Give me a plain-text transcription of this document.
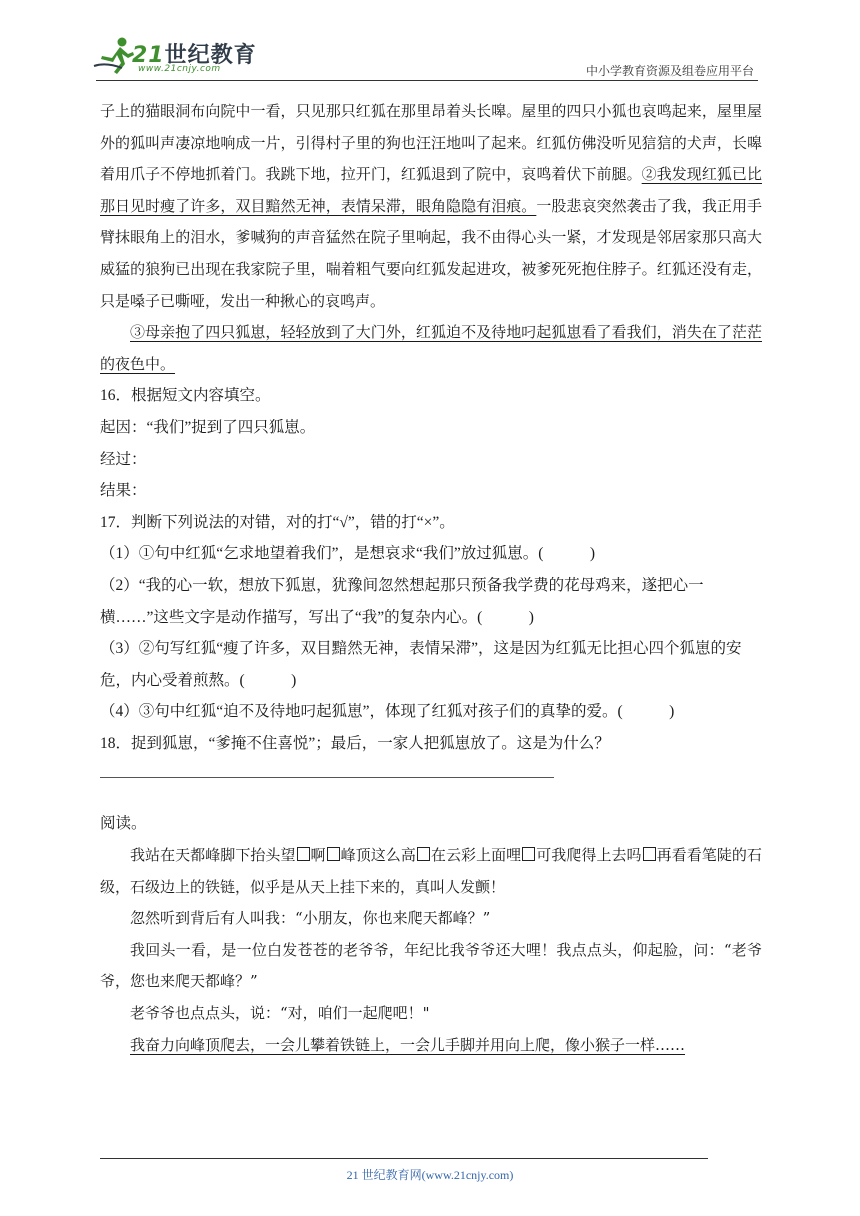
21世纪教育
www.21cnjy.com	中小学教育资源及组卷应用平台

子上的猫眼洞布向院中一看，只见那只红狐在那里昂着头长嗥。屋里的四只小狐也哀鸣起来，屋里屋外的狐叫声凄凉地响成一片，引得村子里的狗也汪汪地叫了起来。红狐仿佛没听见狺狺的犬声，长嗥着用爪子不停地抓着门。我跳下地，拉开门，红狐退到了院中，哀鸣着伏下前腿。②我发现红狐已比那日见时瘦了许多，双目黯然无神，表情呆滞，眼角隐隐有泪痕。一股悲哀突然袭击了我，我正用手臂抹眼角上的泪水，爹喊狗的声音猛然在院子里响起，我不由得心头一紧，才发现是邻居家那只高大威猛的狼狗已出现在我家院子里，喘着粗气要向红狐发起进攻，被爹死死抱住脖子。红狐还没有走，只是嗓子已嘶哑，发出一种揪心的哀鸣声。

③母亲抱了四只狐崽，轻轻放到了大门外，红狐迫不及待地叼起狐崽看了看我们，消失在了茫茫的夜色中。

16．根据短文内容填空。

起因：“我们”捉到了四只狐崽。

经过：

结果：

17．判断下列说法的对错，对的打“√”，错的打“×”。

（1）①句中红狐“乞求地望着我们”，是想哀求“我们”放过狐崽。(　　　)

（2）“我的心一软，想放下狐崽，犹豫间忽然想起那只预备我学费的花母鸡来，遂把心一横……”这些文字是动作描写，写出了“我”的复杂内心。(　　　)

（3）②句写红狐“瘦了许多，双目黯然无神，表情呆滞”，这是因为红狐无比担心四个狐崽的安危，内心受着煎熬。(　　　)

（4）③句中红狐“迫不及待地叼起狐崽”，体现了红狐对孩子们的真挚的爱。(　　　)

18．捉到狐崽，“爹掩不住喜悦”；最后，一家人把狐崽放了。这是为什么？

阅读。

我站在天都峰脚下抬头望 啊 峰顶这么高 在云彩上面哩 可我爬得上去吗 再看看笔陡的石级，石级边上的铁链，似乎是从天上挂下来的，真叫人发颤！

忽然听到背后有人叫我：“小朋友，你也来爬天都峰？”

我回头一看，是一位白发苍苍的老爷爷，年纪比我爷爷还大哩！我点点头，仰起脸，问：“老爷爷，您也来爬天都峰？”

老爷爷也点点头，说：“对，咱们一起爬吧！"

我奋力向峰顶爬去，一会儿攀着铁链上，一会儿手脚并用向上爬，像小猴子一样……

21 世纪教育网(www.21cnjy.com)
